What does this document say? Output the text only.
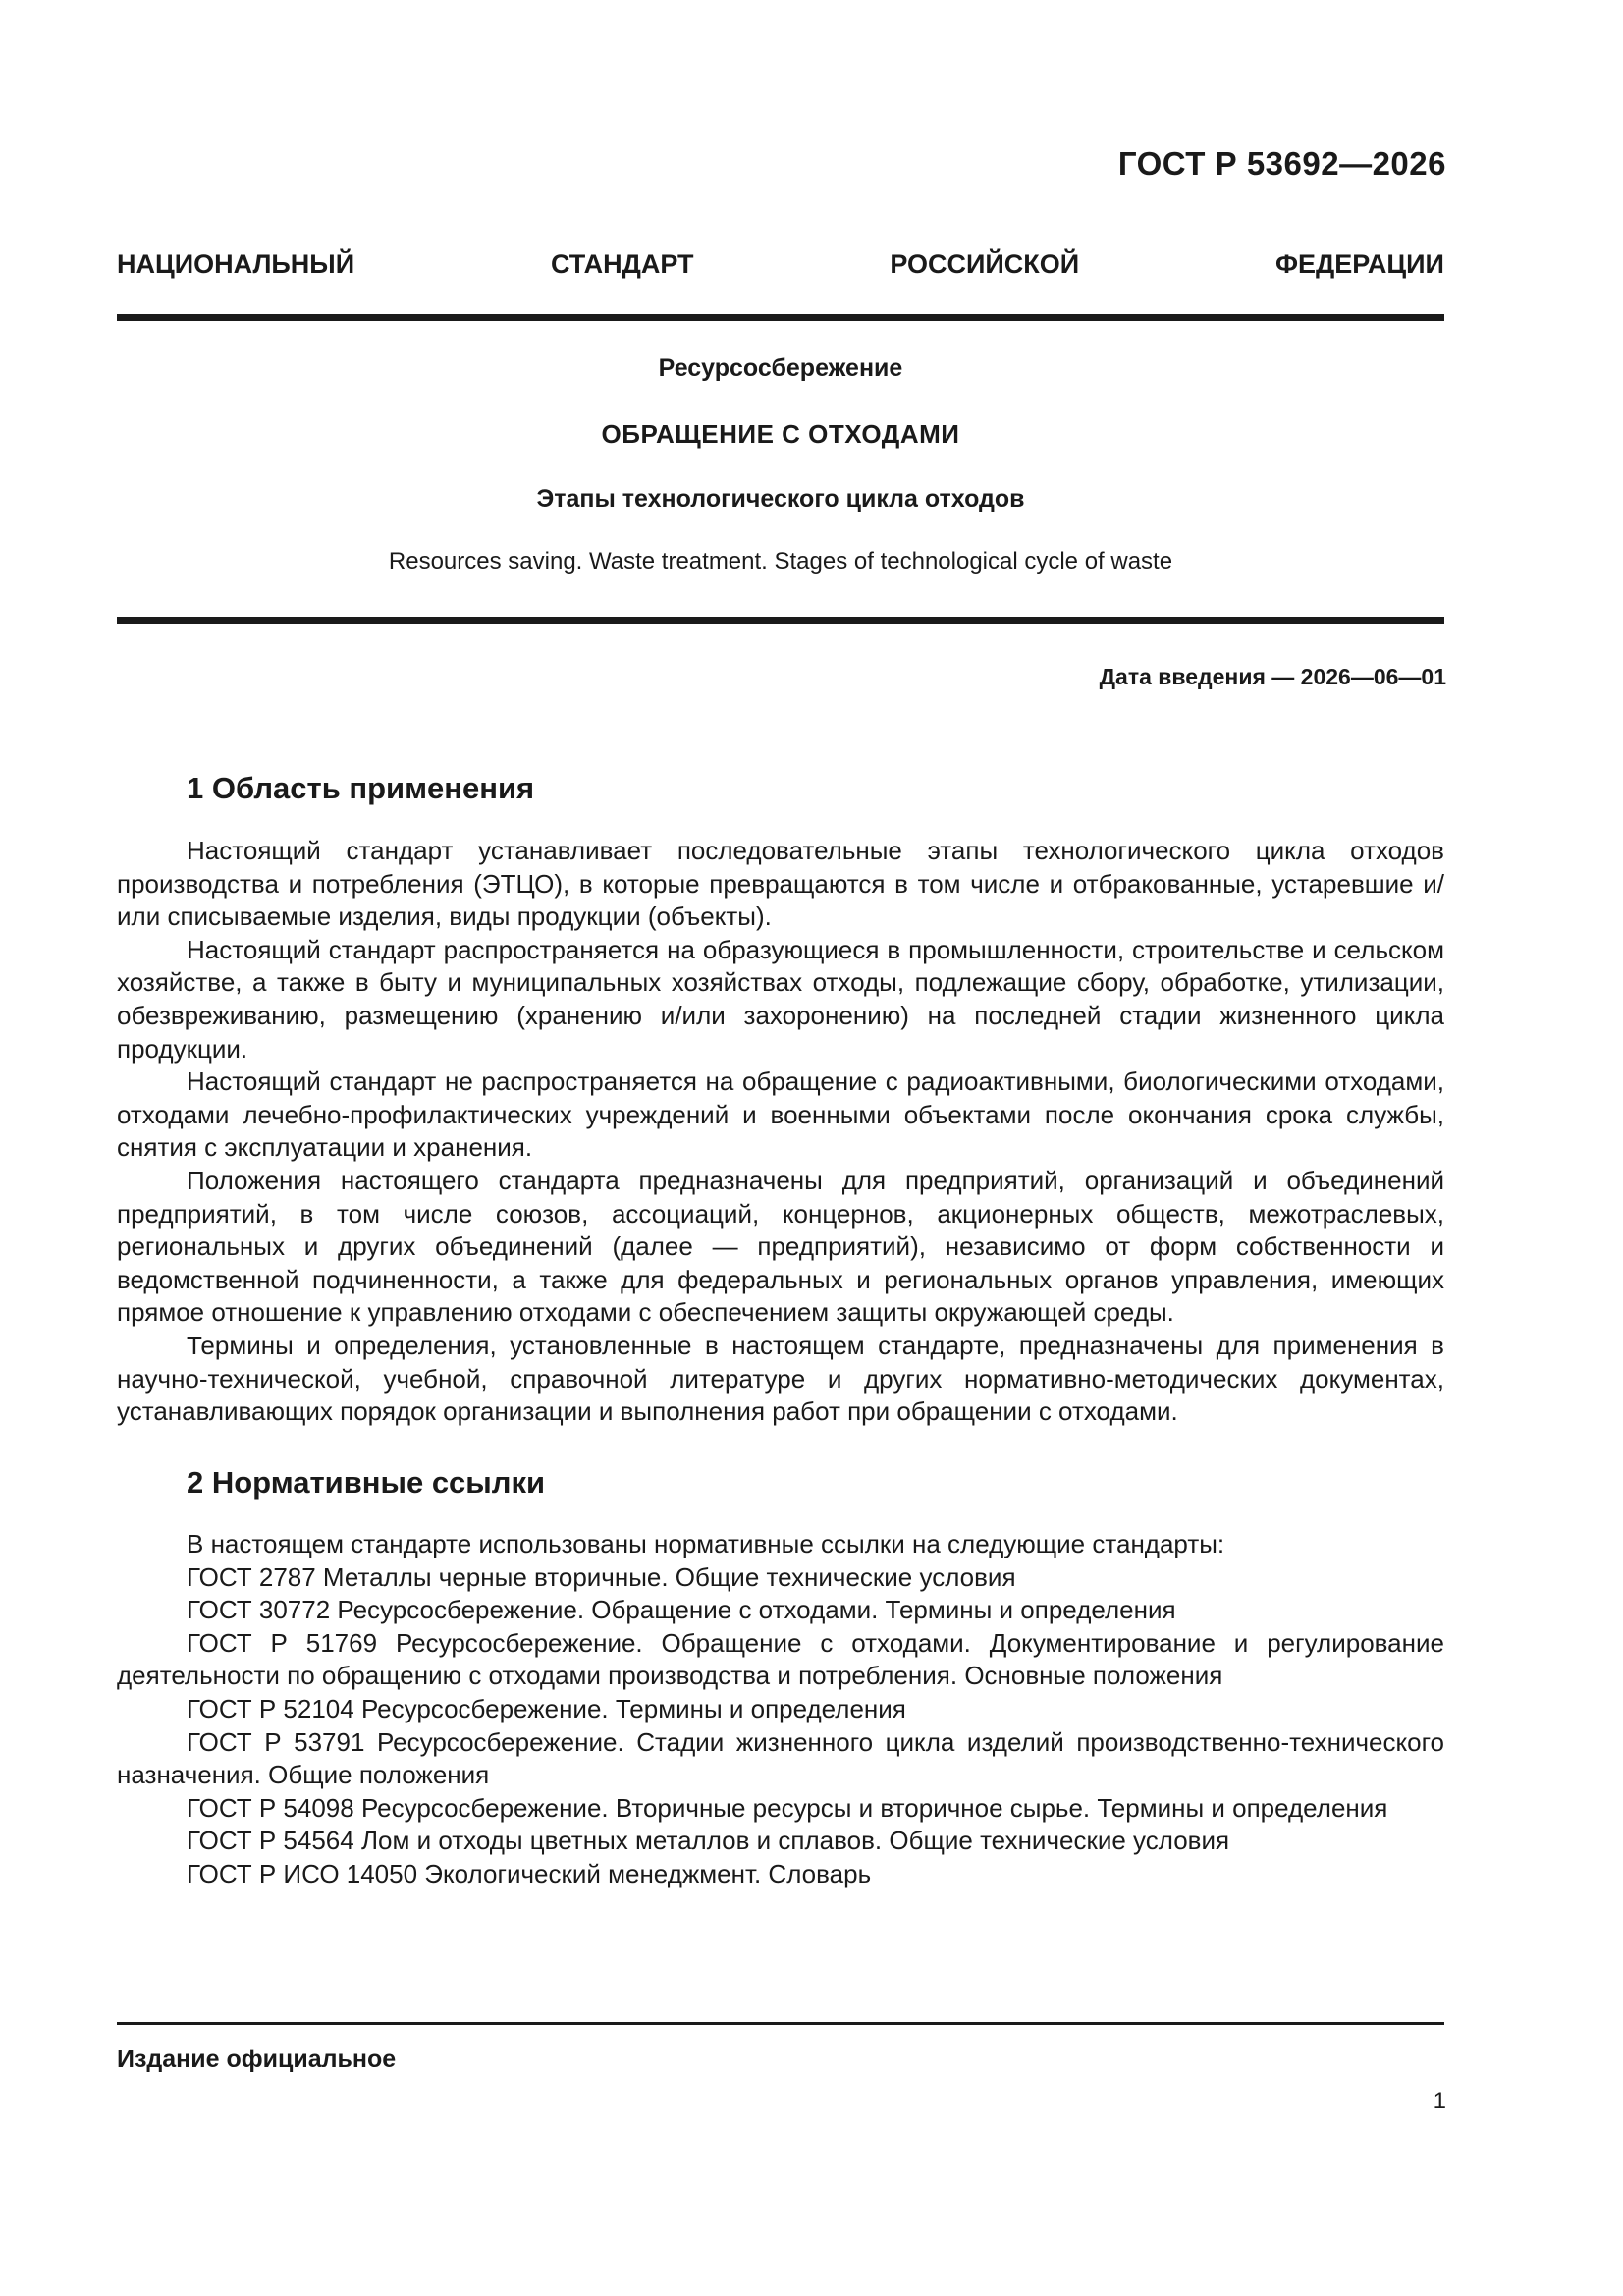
ГОСТ Р 53692—2026
НАЦИОНАЛЬНЫЙ	СТАНДАРТ	РОССИЙСКОЙ	ФЕДЕРАЦИИ
Ресурсосбережение
ОБРАЩЕНИЕ С ОТХОДАМИ
Этапы технологического цикла отходов
Resources saving. Waste treatment. Stages of technological cycle of waste
Дата введения — 2026—06—01
1 Область применения

Настоящий стандарт устанавливает последовательные этапы технологического цикла отходов производства и потребления (ЭТЦО), в которые превращаются в том числе и отбракованные, устаревшие и/или списываемые изделия, виды продукции (объекты).

Настоящий стандарт распространяется на образующиеся в промышленности, строительстве и сельском хозяйстве, а также в быту и муниципальных хозяйствах отходы, подлежащие сбору, обработке, утилизации, обезвреживанию, размещению (хранению и/или захоронению) на последней стадии жизненного цикла продукции.

Настоящий стандарт не распространяется на обращение с радиоактивными, биологическими отходами, отходами лечебно-профилактических учреждений и военными объектами после окончания срока службы, снятия с эксплуатации и хранения.

Положения настоящего стандарта предназначены для предприятий, организаций и объединений предприятий, в том числе союзов, ассоциаций, концернов, акционерных обществ, межотраслевых, региональных и других объединений (далее — предприятий), независимо от форм собственности и ведомственной подчиненности, а также для федеральных и региональных органов управления, имеющих прямое отношение к управлению отходами с обеспечением защиты окружающей среды.

Термины и определения, установленные в настоящем стандарте, предназначены для применения в научно-технической, учебной, справочной литературе и других нормативно-методических документах, устанавливающих порядок организации и выполнения работ при обращении с отходами.

2 Нормативные ссылки

В настоящем стандарте использованы нормативные ссылки на следующие стандарты:

ГОСТ 2787 Металлы черные вторичные. Общие технические условия

ГОСТ 30772 Ресурсосбережение. Обращение с отходами. Термины и определения

ГОСТ Р 51769 Ресурсосбережение. Обращение с отходами. Документирование и регулирование деятельности по обращению с отходами производства и потребления. Основные положения

ГОСТ Р 52104 Ресурсосбережение. Термины и определения

ГОСТ Р 53791 Ресурсосбережение. Стадии жизненного цикла изделий производственно-технического назначения. Общие положения

ГОСТ Р 54098 Ресурсосбережение. Вторичные ресурсы и вторичное сырье. Термины и определения

ГОСТ Р 54564 Лом и отходы цветных металлов и сплавов. Общие технические условия

ГОСТ Р ИСО 14050 Экологический менеджмент. Словарь

Издание официальное
1
